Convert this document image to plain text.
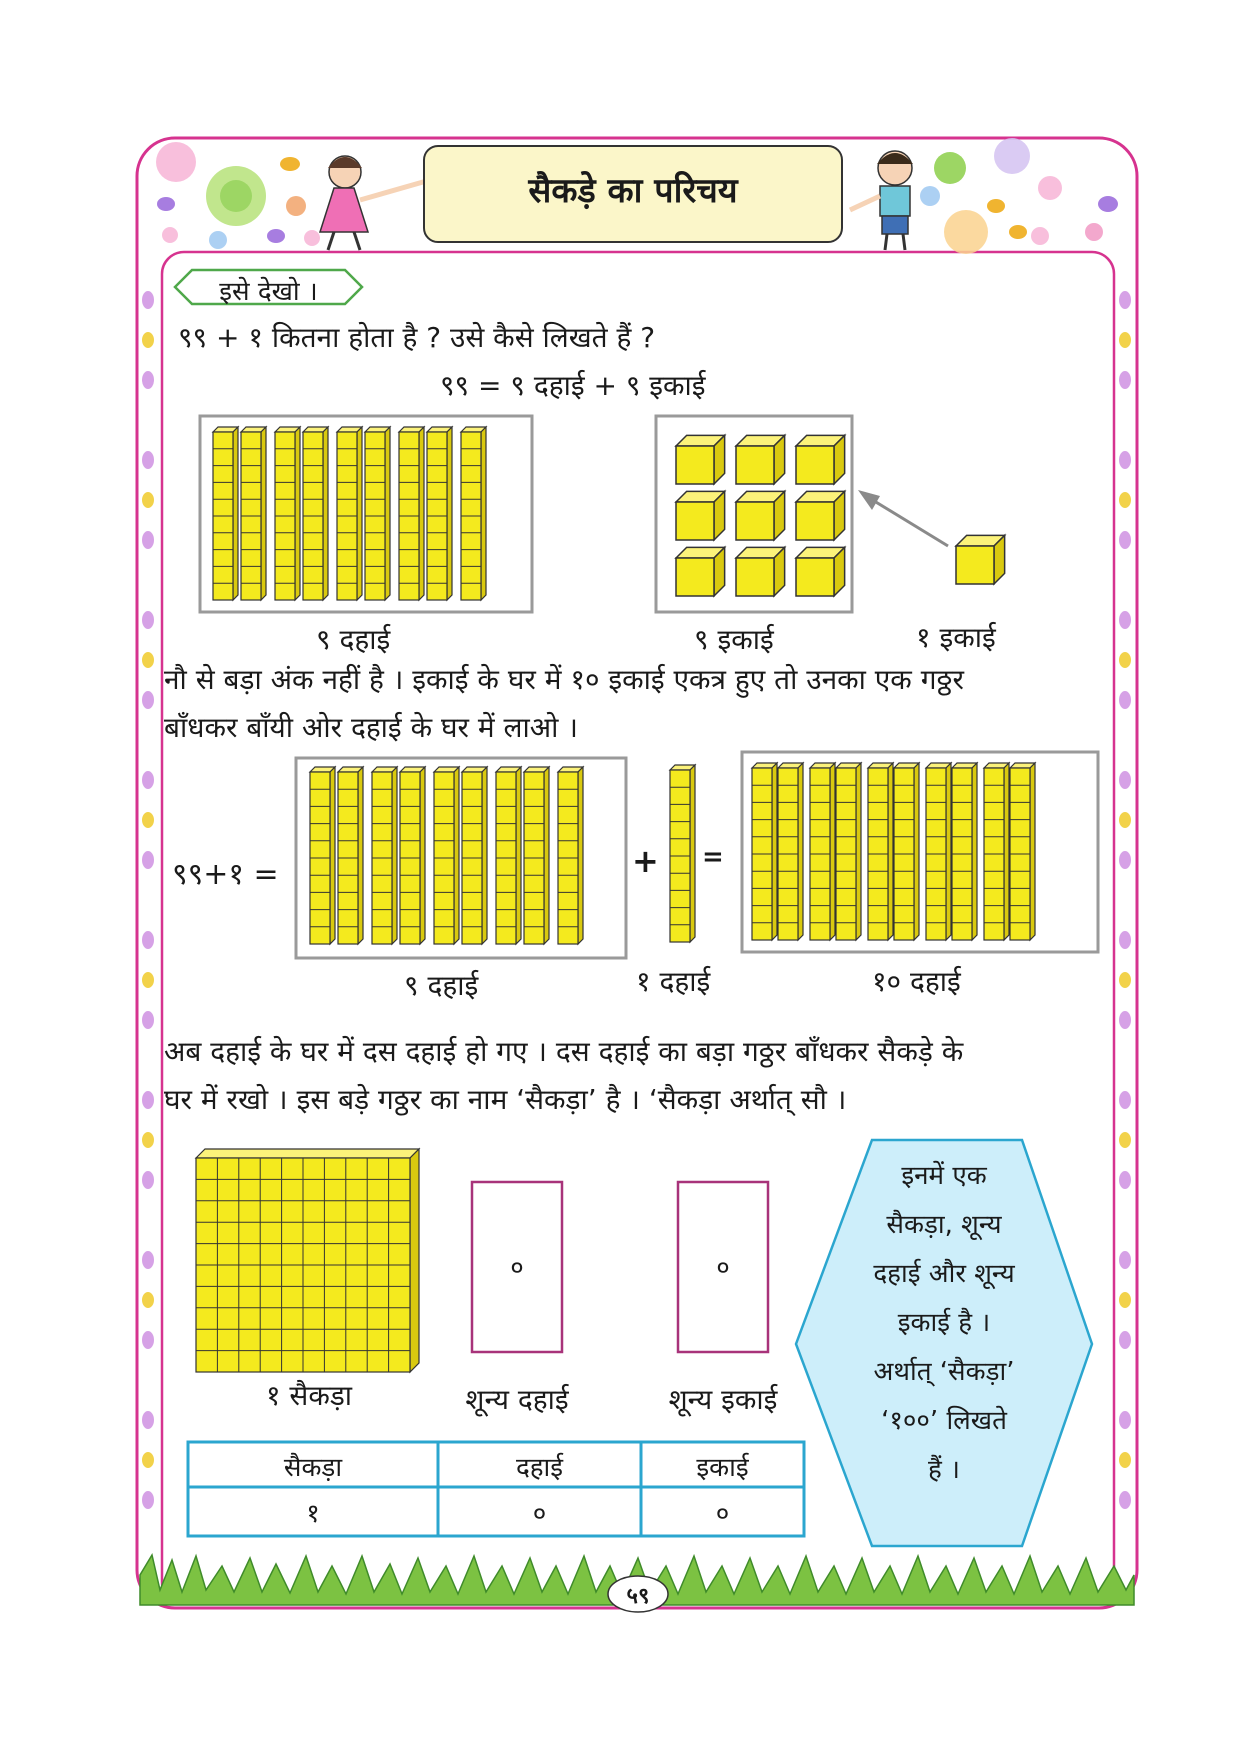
सैकड़े का परिचय
इसे देखो ।
९९ + १ कितना होता है ? उसे कैसे लिखते हैं ?
९९ = ९ दहाई + ९ इकाई
९ दहाई	९ इकाई	१ इकाई
नौ से बड़ा अंक नहीं है । इकाई के घर में १० इकाई एकत्र हुए तो उनका एक गठ्ठर
बाँधकर बाँयी ओर दहाई के घर में लाओ ।
९९+१ =	+ =
९ दहाई	१ दहाई	१० दहाई
अब दहाई के घर में दस दहाई हो गए । दस दहाई का बड़ा गठ्ठर बाँधकर सैकड़े के
घर में रखो । इस बड़े गठ्ठर का नाम ‘सैकड़ा’ है । ‘सैकड़ा अर्थात् सौ ।
०	०
१ सैकड़ा	शून्य दहाई	शून्य इकाई
सैकड़ा	दहाई	इकाई
१	०	०
इनमें एक
सैकड़ा, शून्य
दहाई और शून्य
इकाई है ।
अर्थात् ‘सैकड़ा’
‘१००’ लिखते
हैं ।
५९
